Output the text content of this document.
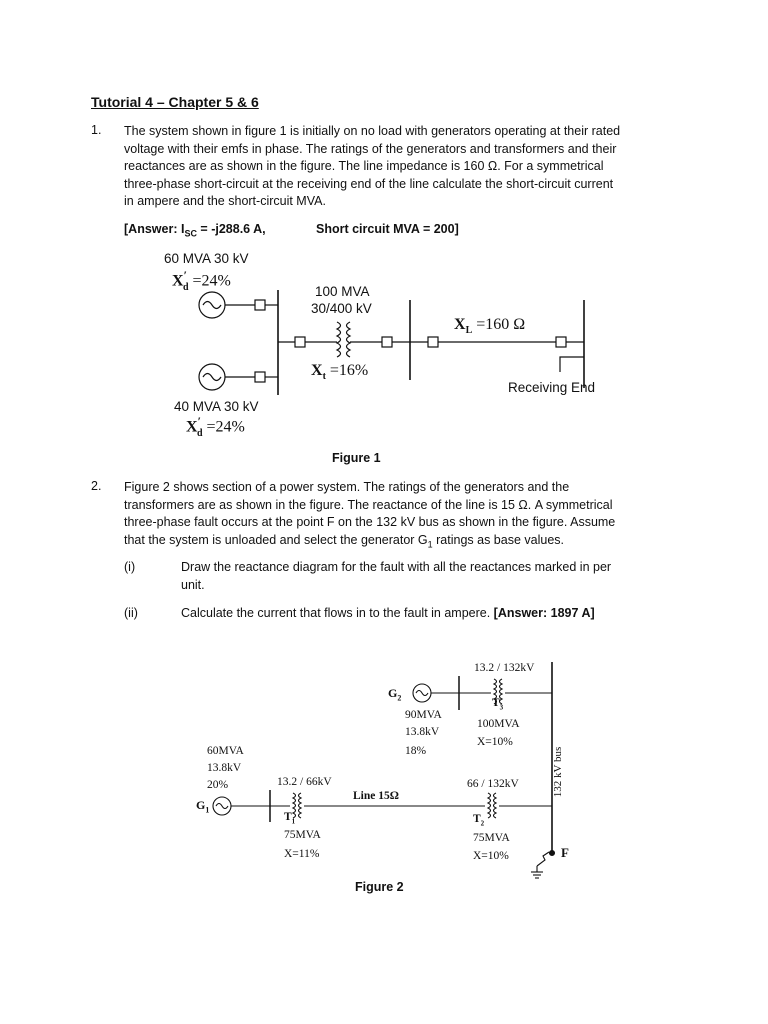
Tutorial 4 – Chapter 5 & 6
1. The system shown in figure 1 is initially on no load with generators operating at their rated
voltage with their emfs in phase. The ratings of the generators and transformers and their
reactances are as shown in the figure. The line impedance is 160 Ω. For a symmetrical
three-phase short-circuit at the receiving end of the line calculate the short-circuit current
in ampere and the short-circuit MVA.
[Answer: $I_{SC} = -j288.6$ A,	Short circuit MVA = 200]
60 MVA 30 kV
$X'_d =24\%$
100 MVA
30/400 kV
$X_t =16\%$
$X_L =160$ Ω
Receiving End
40 MVA 30 kV
$X'_d =24\%$
Figure 1
2. Figure 2 shows section of a power system. The ratings of the generators and the
transformers are as shown in the figure. The reactance of the line is 15 Ω. A symmetrical
three-phase fault occurs at the point F on the 132 kV bus as shown in the figure. Assume
that the system is unloaded and select the generator $G_1$ ratings as base values.
(i)	Draw the reactance diagram for the fault with all the reactances marked in per
unit.
(ii)	Calculate the current that flows in to the fault in ampere. [Answer: 1897 A]
13.2 / 132kV
$G_2$	$T_3$
90MVA
100MVA
13.8kV
X=10%
18%	132 kV bus
60MVA
13.8kV
20%
$G_1$
13.2 / 66kV
Line 15Ω
66 / 132kV
$T_1$	$T_2$
75MVA	75MVA
X=11%	X=10%	F
Figure 2
